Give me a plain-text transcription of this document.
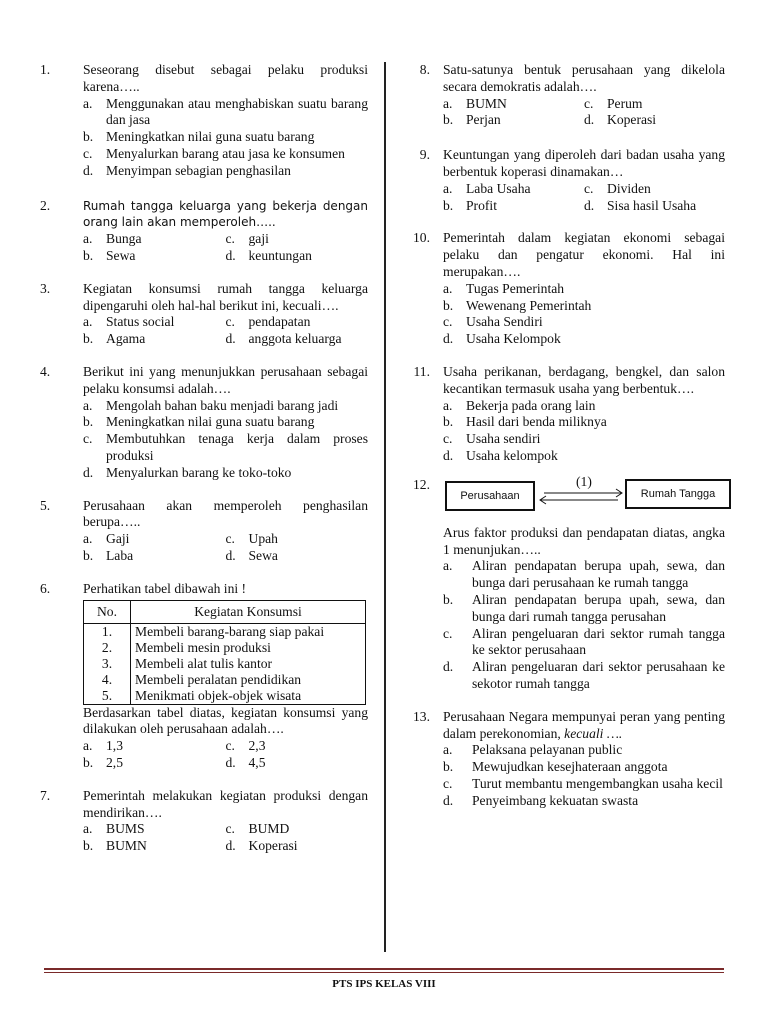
1. Seseorang disebut sebagai pelaku produksi karena…..
a. Menggunakan atau menghabiskan suatu barang dan jasa
b. Meningkatkan nilai guna suatu barang
c. Menyalurkan barang atau jasa ke konsumen
d. Menyimpan sebagian penghasilan
2.	Rumah tangga keluarga yang bekerja dengan orang lain akan memperoleh…..
a. Bunga	c. gaji
b. Sewa	d. keuntungan
3. Kegiatan konsumsi rumah tangga keluarga dipengaruhi oleh hal-hal berikut ini, kecuali….
a. Status social	c. pendapatan
b. Agama	d. anggota keluarga
4. Berikut ini yang menunjukkan perusahaan sebagai pelaku konsumsi adalah….
a. Mengolah bahan baku menjadi barang jadi
b. Meningkatkan nilai guna suatu barang
c. Membutuhkan tenaga kerja dalam proses produksi
d. Menyalurkan barang ke toko-toko
5. Perusahaan akan memperoleh penghasilan berupa…..
a. Gaji	c. Upah
b. Laba	d. Sewa
6. Perhatikan tabel dibawah ini !
No.	Kegiatan Konsumsi
1.	Membeli barang-barang siap pakai
2.	Membeli mesin produksi
3.	Membeli alat tulis kantor
4.	Membeli peralatan pendidikan
5.	Menikmati objek-objek wisata
Berdasarkan tabel diatas, kegiatan konsumsi yang dilakukan oleh perusahaan adalah….
a. 1,3	c. 2,3
b. 2,5	d. 4,5
7. Pemerintah melakukan kegiatan produksi dengan mendirikan….
a. BUMS	c. BUMD
b. BUMN	d. Koperasi
8. Satu-satunya bentuk perusahaan yang dikelola secara demokratis adalah….
a. BUMN	c. Perum
b. Perjan	d. Koperasi
9. Keuntungan yang diperoleh dari badan usaha yang berbentuk koperasi dinamakan…
a. Laba Usaha	c. Dividen
b. Profit	d. Sisa hasil Usaha
10. Pemerintah dalam kegiatan ekonomi sebagai pelaku dan pengatur ekonomi. Hal ini merupakan….
a. Tugas Pemerintah
b. Wewenang Pemerintah
c. Usaha Sendiri
d. Usaha Kelompok
11. Usaha perikanan, berdagang, bengkel, dan salon kecantikan termasuk usaha yang berbentuk….
a. Bekerja pada orang lain
b. Hasil dari benda miliknya
c. Usaha sendiri
d. Usaha kelompok
12.
Perusahaan	Rumah Tangga
(1)
Arus faktor produksi dan pendapatan diatas, angka 1 menunjukan…..
a. Aliran pendapatan berupa upah, sewa, dan bunga dari perusahaan ke rumah tangga
b. Aliran pendapatan berupa upah, sewa, dan bunga dari rumah tangga perusahan
c. Aliran pengeluaran dari sektor rumah tangga ke sektor perusahaan
d. Aliran pengeluaran dari sektor perusahaan ke sekotor rumah tangga
13. Perusahaan Negara mempunyai peran yang penting dalam perekonomian, kecuali ….
a. Pelaksana pelayanan public
b. Mewujudkan kesejhateraan anggota
c. Turut membantu mengembangkan usaha kecil
d. Penyeimbang kekuatan swasta
PTS IPS KELAS VIII
